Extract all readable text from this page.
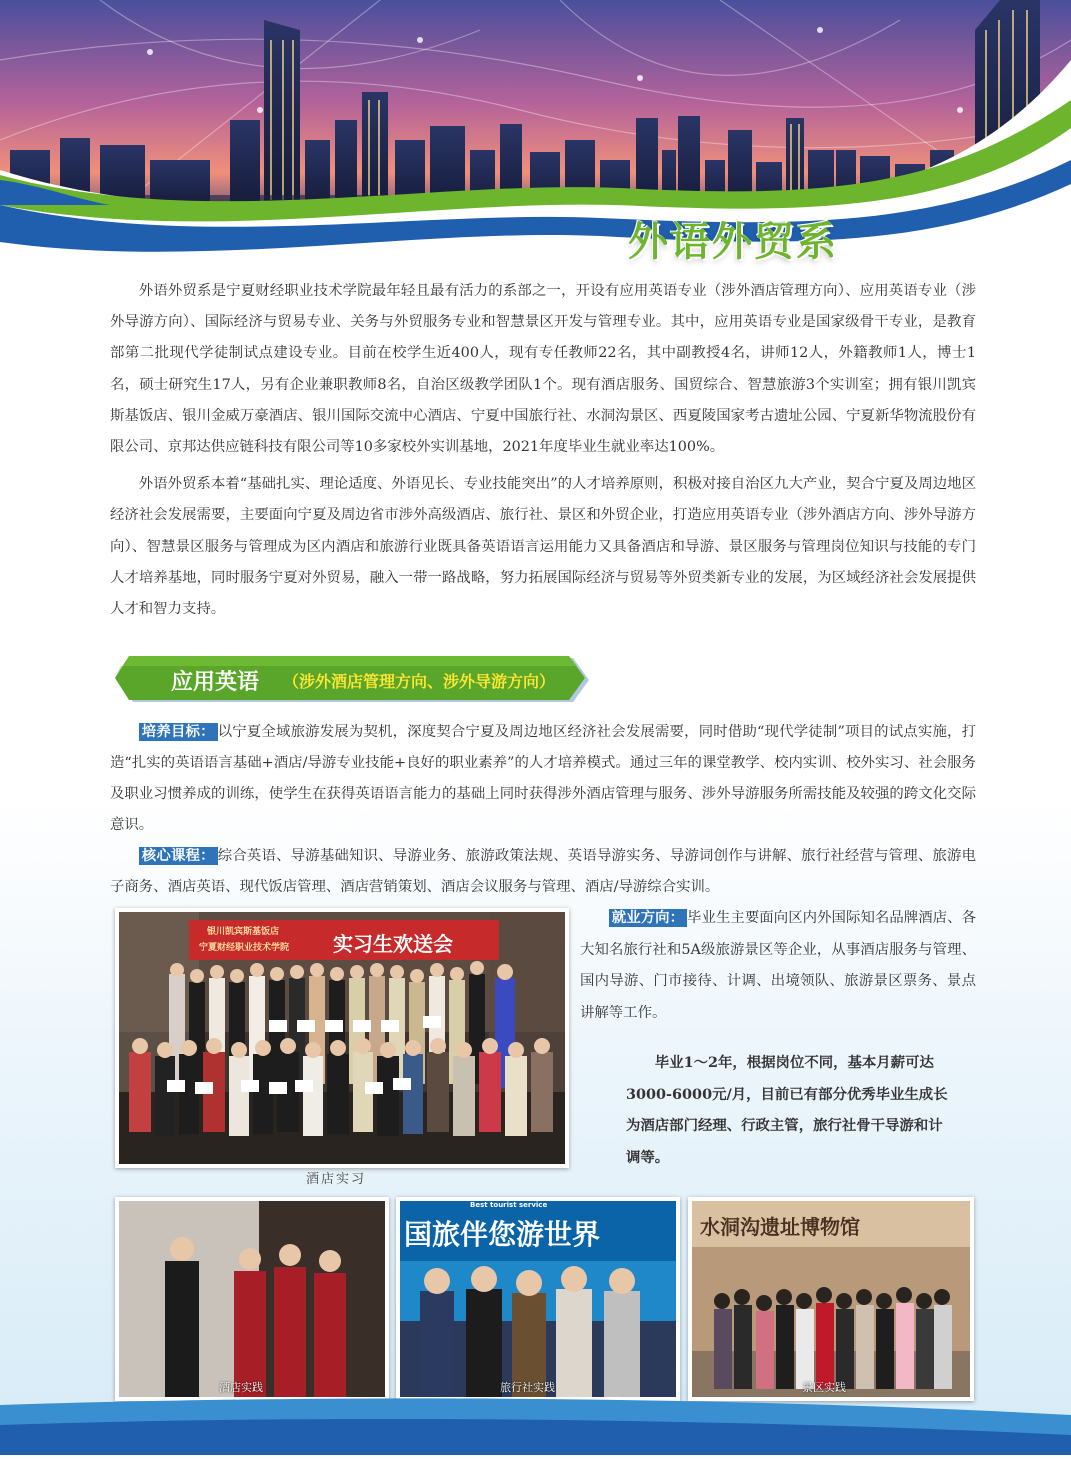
外语外贸系

外语外贸系是宁夏财经职业技术学院最年轻且最有活力的系部之一，开设有应用英语专业（涉外酒店管理方向）、应用英语专业（涉外导游方向）、国际经济与贸易专业、关务与外贸服务专业和智慧景区开发与管理专业。其中，应用英语专业是国家级骨干专业，是教育部第二批现代学徒制试点建设专业。目前在校学生近400人，现有专任教师22名，其中副教授4名，讲师12人，外籍教师1人，博士1名，硕士研究生17人，另有企业兼职教师8名，自治区级教学团队1个。现有酒店服务、国贸综合、智慧旅游3个实训室；拥有银川凯宾斯基饭店、银川金威万豪酒店、银川国际交流中心酒店、宁夏中国旅行社、水洞沟景区、西夏陵国家考古遗址公园、宁夏新华物流股份有限公司、京邦达供应链科技有限公司等10多家校外实训基地，2021年度毕业生就业率达100%。

外语外贸系本着“基础扎实、理论适度、外语见长、专业技能突出”的人才培养原则，积极对接自治区九大产业，契合宁夏及周边地区经济社会发展需要，主要面向宁夏及周边省市涉外高级酒店、旅行社、景区和外贸企业，打造应用英语专业（涉外酒店方向、涉外导游方向）、智慧景区服务与管理成为区内酒店和旅游行业既具备英语语言运用能力又具备酒店和导游、景区服务与管理岗位知识与技能的专门人才培养基地，同时服务宁夏对外贸易，融入一带一路战略，努力拓展国际经济与贸易等外贸类新专业的发展，为区域经济社会发展提供人才和智力支持。

应用英语 （涉外酒店管理方向、涉外导游方向）

培养目标： 以宁夏全域旅游发展为契机，深度契合宁夏及周边地区经济社会发展需要，同时借助“现代学徒制”项目的试点实施，打造“扎实的英语语言基础+酒店/导游专业技能+良好的职业素养”的人才培养模式。通过三年的课堂教学、校内实训、校外实习、社会服务及职业习惯养成的训练，使学生在获得英语语言能力的基础上同时获得涉外酒店管理与服务、涉外导游服务所需技能及较强的跨文化交际意识。

核心课程： 综合英语、导游基础知识、导游业务、旅游政策法规、英语导游实务、导游词创作与讲解、旅行社经营与管理、旅游电子商务、酒店英语、现代饭店管理、酒店营销策划、酒店会议服务与管理、酒店/导游综合实训。

银川凯宾斯基饭店
宁夏财经职业技术学院 实习生欢送会
酒店实习

就业方向： 毕业生主要面向区内外国际知名品牌酒店、各大知名旅行社和5A级旅游景区等企业，从事酒店服务与管理、国内导游、门市接待、计调、出境领队、旅游景区票务、景点讲解等工作。

毕业1～2年，根据岗位不同，基本月薪可达3000-6000元/月，目前已有部分优秀毕业生成长为酒店部门经理、行政主管，旅行社骨干导游和计调等。

酒店实践
国旅伴您游世界
Best tourist service
旅行社实践
水洞沟遗址博物馆
景区实践
